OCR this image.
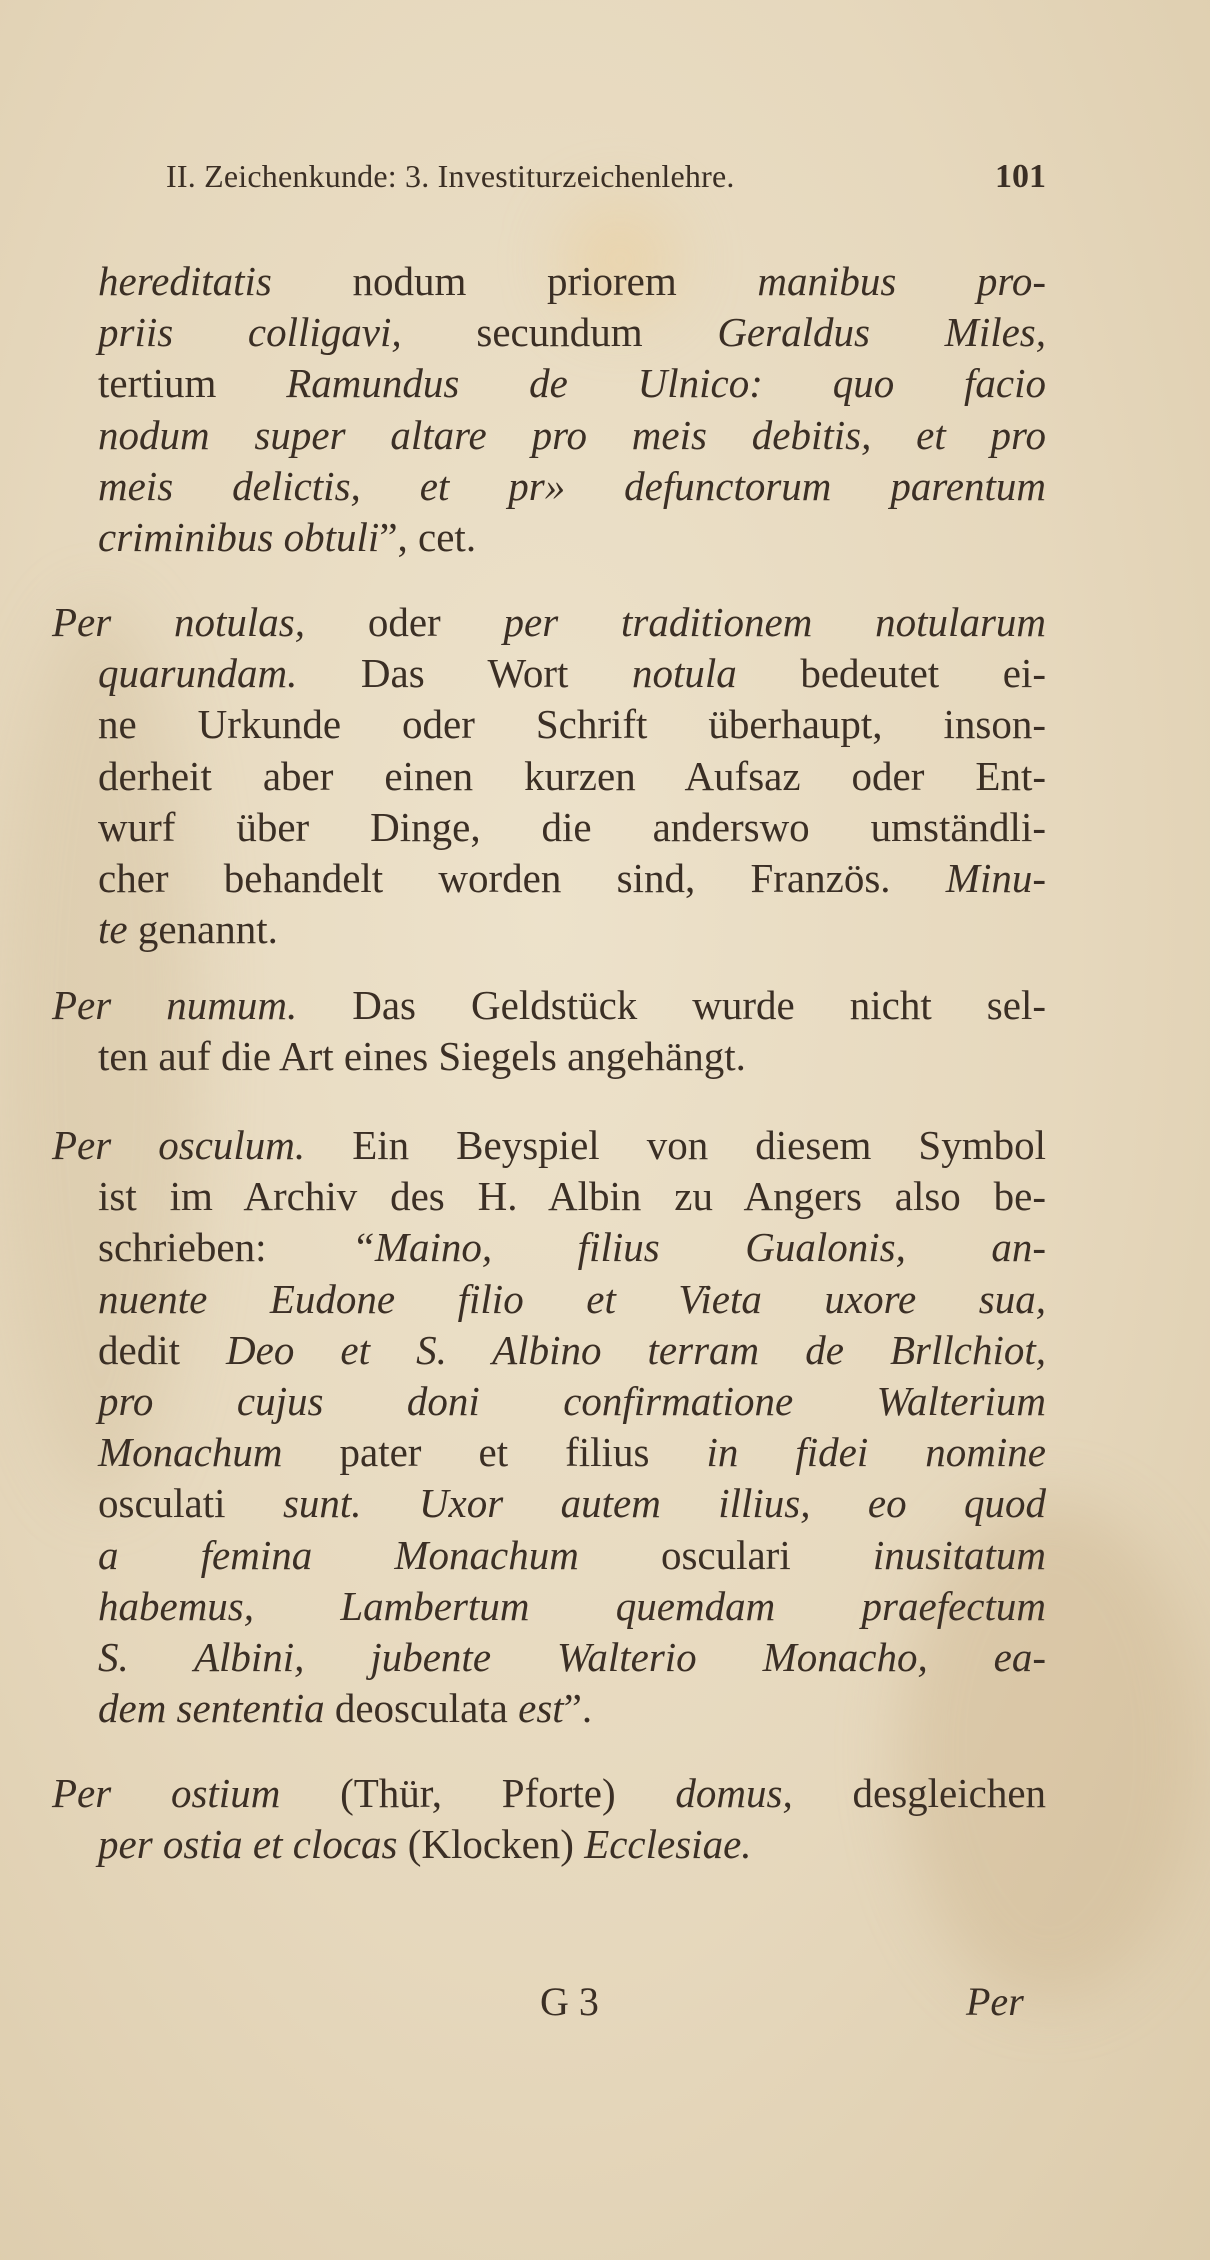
II. Zeichenkunde: 3. Investiturzeichenlehre.	101
hereditatis nodum priorem manibus pro-
priis colligavi, secundum Geraldus Miles,
tertium Ramundus de Ulnico: quo facio
nodum super altare pro meis debitis, et pro
meis delictis, et pr» defunctorum parentum
criminibus obtuli”, cet.
Per notulas, oder per traditionem notularum
quarundam. Das Wort notula bedeutet ei-
ne Urkunde oder Schrift überhaupt, inson-
derheit aber einen kurzen Aufsaz oder Ent-
wurf über Dinge, die anderswo umständli-
cher behandelt worden sind, Französ. Minu-
te genannt.
Per numum. Das Geldstück wurde nicht sel-
ten auf die Art eines Siegels angehängt.
Per osculum. Ein Beyspiel von diesem Symbol
ist im Archiv des H. Albin zu Angers also be-
schrieben: “Maino, filius Gualonis, an-
nuente Eudone filio et Vieta uxore sua,
dedit Deo et S. Albino terram de Brllchiot,
pro cujus doni confirmatione Walterium
Monachum pater et filius in fidei nomine
osculati sunt. Uxor autem illius, eo quod
a femina Monachum osculari inusitatum
habemus, Lambertum quemdam praefectum
S. Albini, jubente Walterio Monacho, ea-
dem sententia deosculata est”.
Per ostium (Thür, Pforte) domus, desgleichen
per ostia et clocas (Klocken) Ecclesiae.
G 3	Per
